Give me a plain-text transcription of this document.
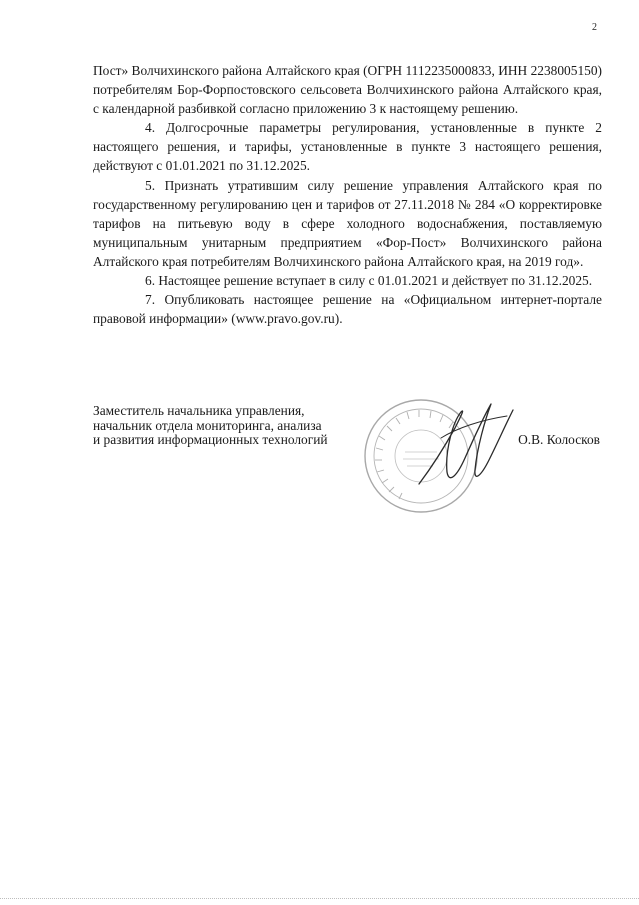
2

Пост» Волчихинского района Алтайского края (ОГРН 1112235000833, ИНН 2238005150) потребителям Бор-Форпостовского сельсовета Волчихинского района Алтайского края, с календарной разбивкой согласно приложению 3 к настоящему решению.

4. Долгосрочные параметры регулирования, установленные в пункте 2 настоящего решения, и тарифы, установленные в пункте 3 настоящего решения, действуют с 01.01.2021 по 31.12.2025.

5. Признать утратившим силу решение управления Алтайского края по государственному регулированию цен и тарифов от 27.11.2018 № 284 «О корректировке тарифов на питьевую воду в сфере холодного водоснабжения, поставляемую муниципальным унитарным предприятием «Фор-Пост» Волчихинского района Алтайского края потребителям Волчихинского района Алтайского края, на 2019 год».

6. Настоящее решение вступает в силу с 01.01.2021 и действует по 31.12.2025.

7. Опубликовать настоящее решение на «Официальном интернет-портале правовой информации» (www.pravo.gov.ru).

Заместитель начальника управления,
начальник отдела мониторинга, анализа
и развития информационных технологий	О.В. Колосков
